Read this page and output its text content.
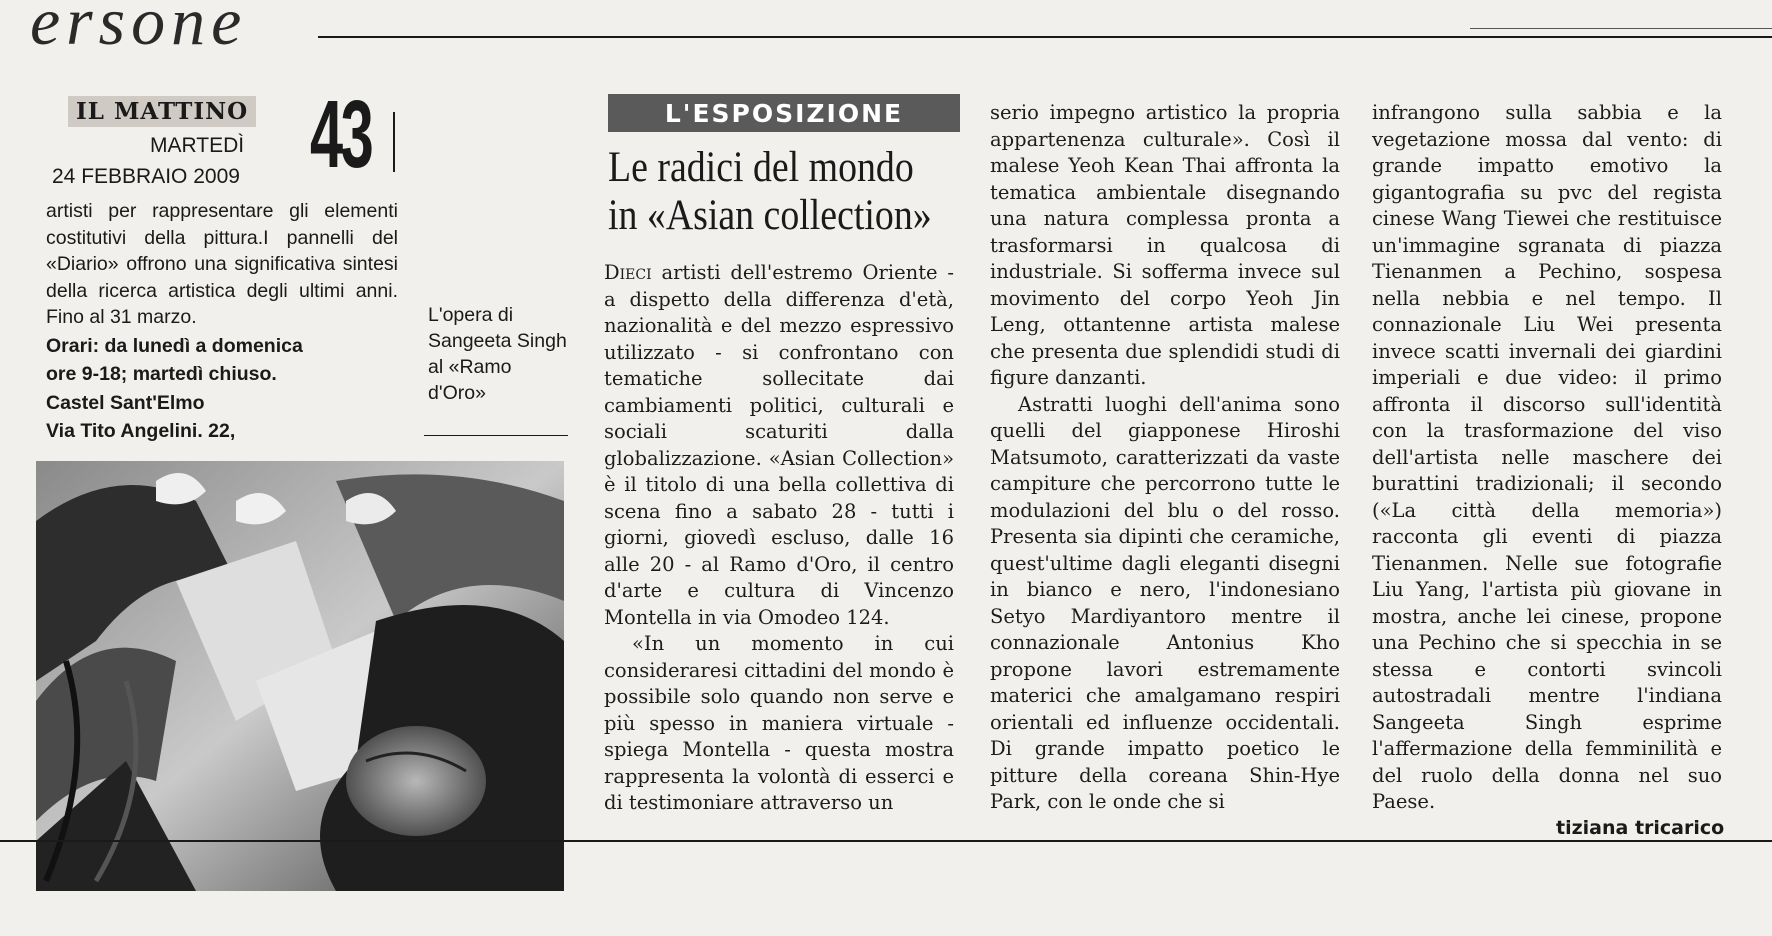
ersone
IL MATTINO
MARTEDÌ
24 FEBBRAIO 2009 43

artisti per rappresentare gli elementi costitutivi della pittura.I pannelli del «Diario» offrono una significativa sintesi della ricerca artistica degli ultimi anni. Fino al 31 marzo.

Orari: da lunedì a domenica

ore 9-18; martedì chiuso.

Castel Sant'Elmo

Via Tito Angelini. 22,

L'opera di Sangeeta Singh al «Ramo d'Oro»
L'ESPOSIZIONE
Le radici del mondo
in «Asian collection»

Dieci artisti dell'estremo Oriente - a dispetto della differenza d'età, nazionalità e del mezzo espressivo utilizzato - si confrontano con tematiche sollecitate dai cambiamenti politici, culturali e sociali scaturiti dalla globalizzazione. «Asian Collection» è il titolo di una bella collettiva di scena fino a sabato 28 - tutti i giorni, giovedì escluso, dalle 16 alle 20 - al Ramo d'Oro, il centro d'arte e cultura di Vincenzo Montella in via Omodeo 124.

«In un momento in cui consideraresi cittadini del mondo è possibile solo quando non serve e più spesso in maniera virtuale - spiega Montella - questa mostra rappresenta la volontà di esserci e di testimoniare attraverso un

serio impegno artistico la propria appartenenza culturale». Così il malese Yeoh Kean Thai affronta la tematica ambientale disegnando una natura complessa pronta a trasformarsi in qualcosa di industriale. Si sofferma invece sul movimento del corpo Yeoh Jin Leng, ottantenne artista malese che presenta due splendidi studi di figure danzanti.

Astratti luoghi dell'anima sono quelli del giapponese Hiroshi Matsumoto, caratterizzati da vaste campiture che percorrono tutte le modulazioni del blu o del rosso. Presenta sia dipinti che ceramiche, quest'ultime dagli eleganti disegni in bianco e nero, l'indonesiano Setyo Mardiyantoro mentre il connazionale Antonius Kho propone lavori estremamente materici che amalgamano respiri orientali ed influenze occidentali. Di grande impatto poetico le pitture della coreana Shin-Hye Park, con le onde che si

infrangono sulla sabbia e la vegetazione mossa dal vento: di grande impatto emotivo la gigantografia su pvc del regista cinese Wang Tiewei che restituisce un'immagine sgranata di piazza Tienanmen a Pechino, sospesa nella nebbia e nel tempo. Il connazionale Liu Wei presenta invece scatti invernali dei giardini imperiali e due video: il primo affronta il discorso sull'identità con la trasformazione del viso dell'artista nelle maschere dei burattini tradizionali; il secondo («La città della memoria») racconta gli eventi di piazza Tienanmen. Nelle sue fotografie Liu Yang, l'artista più giovane in mostra, anche lei cinese, propone una Pechino che si specchia in se stessa e contorti svincoli autostradali mentre l'indiana Sangeeta Singh esprime l'affermazione della femminilità e del ruolo della donna nel suo Paese.

tiziana tricarico
